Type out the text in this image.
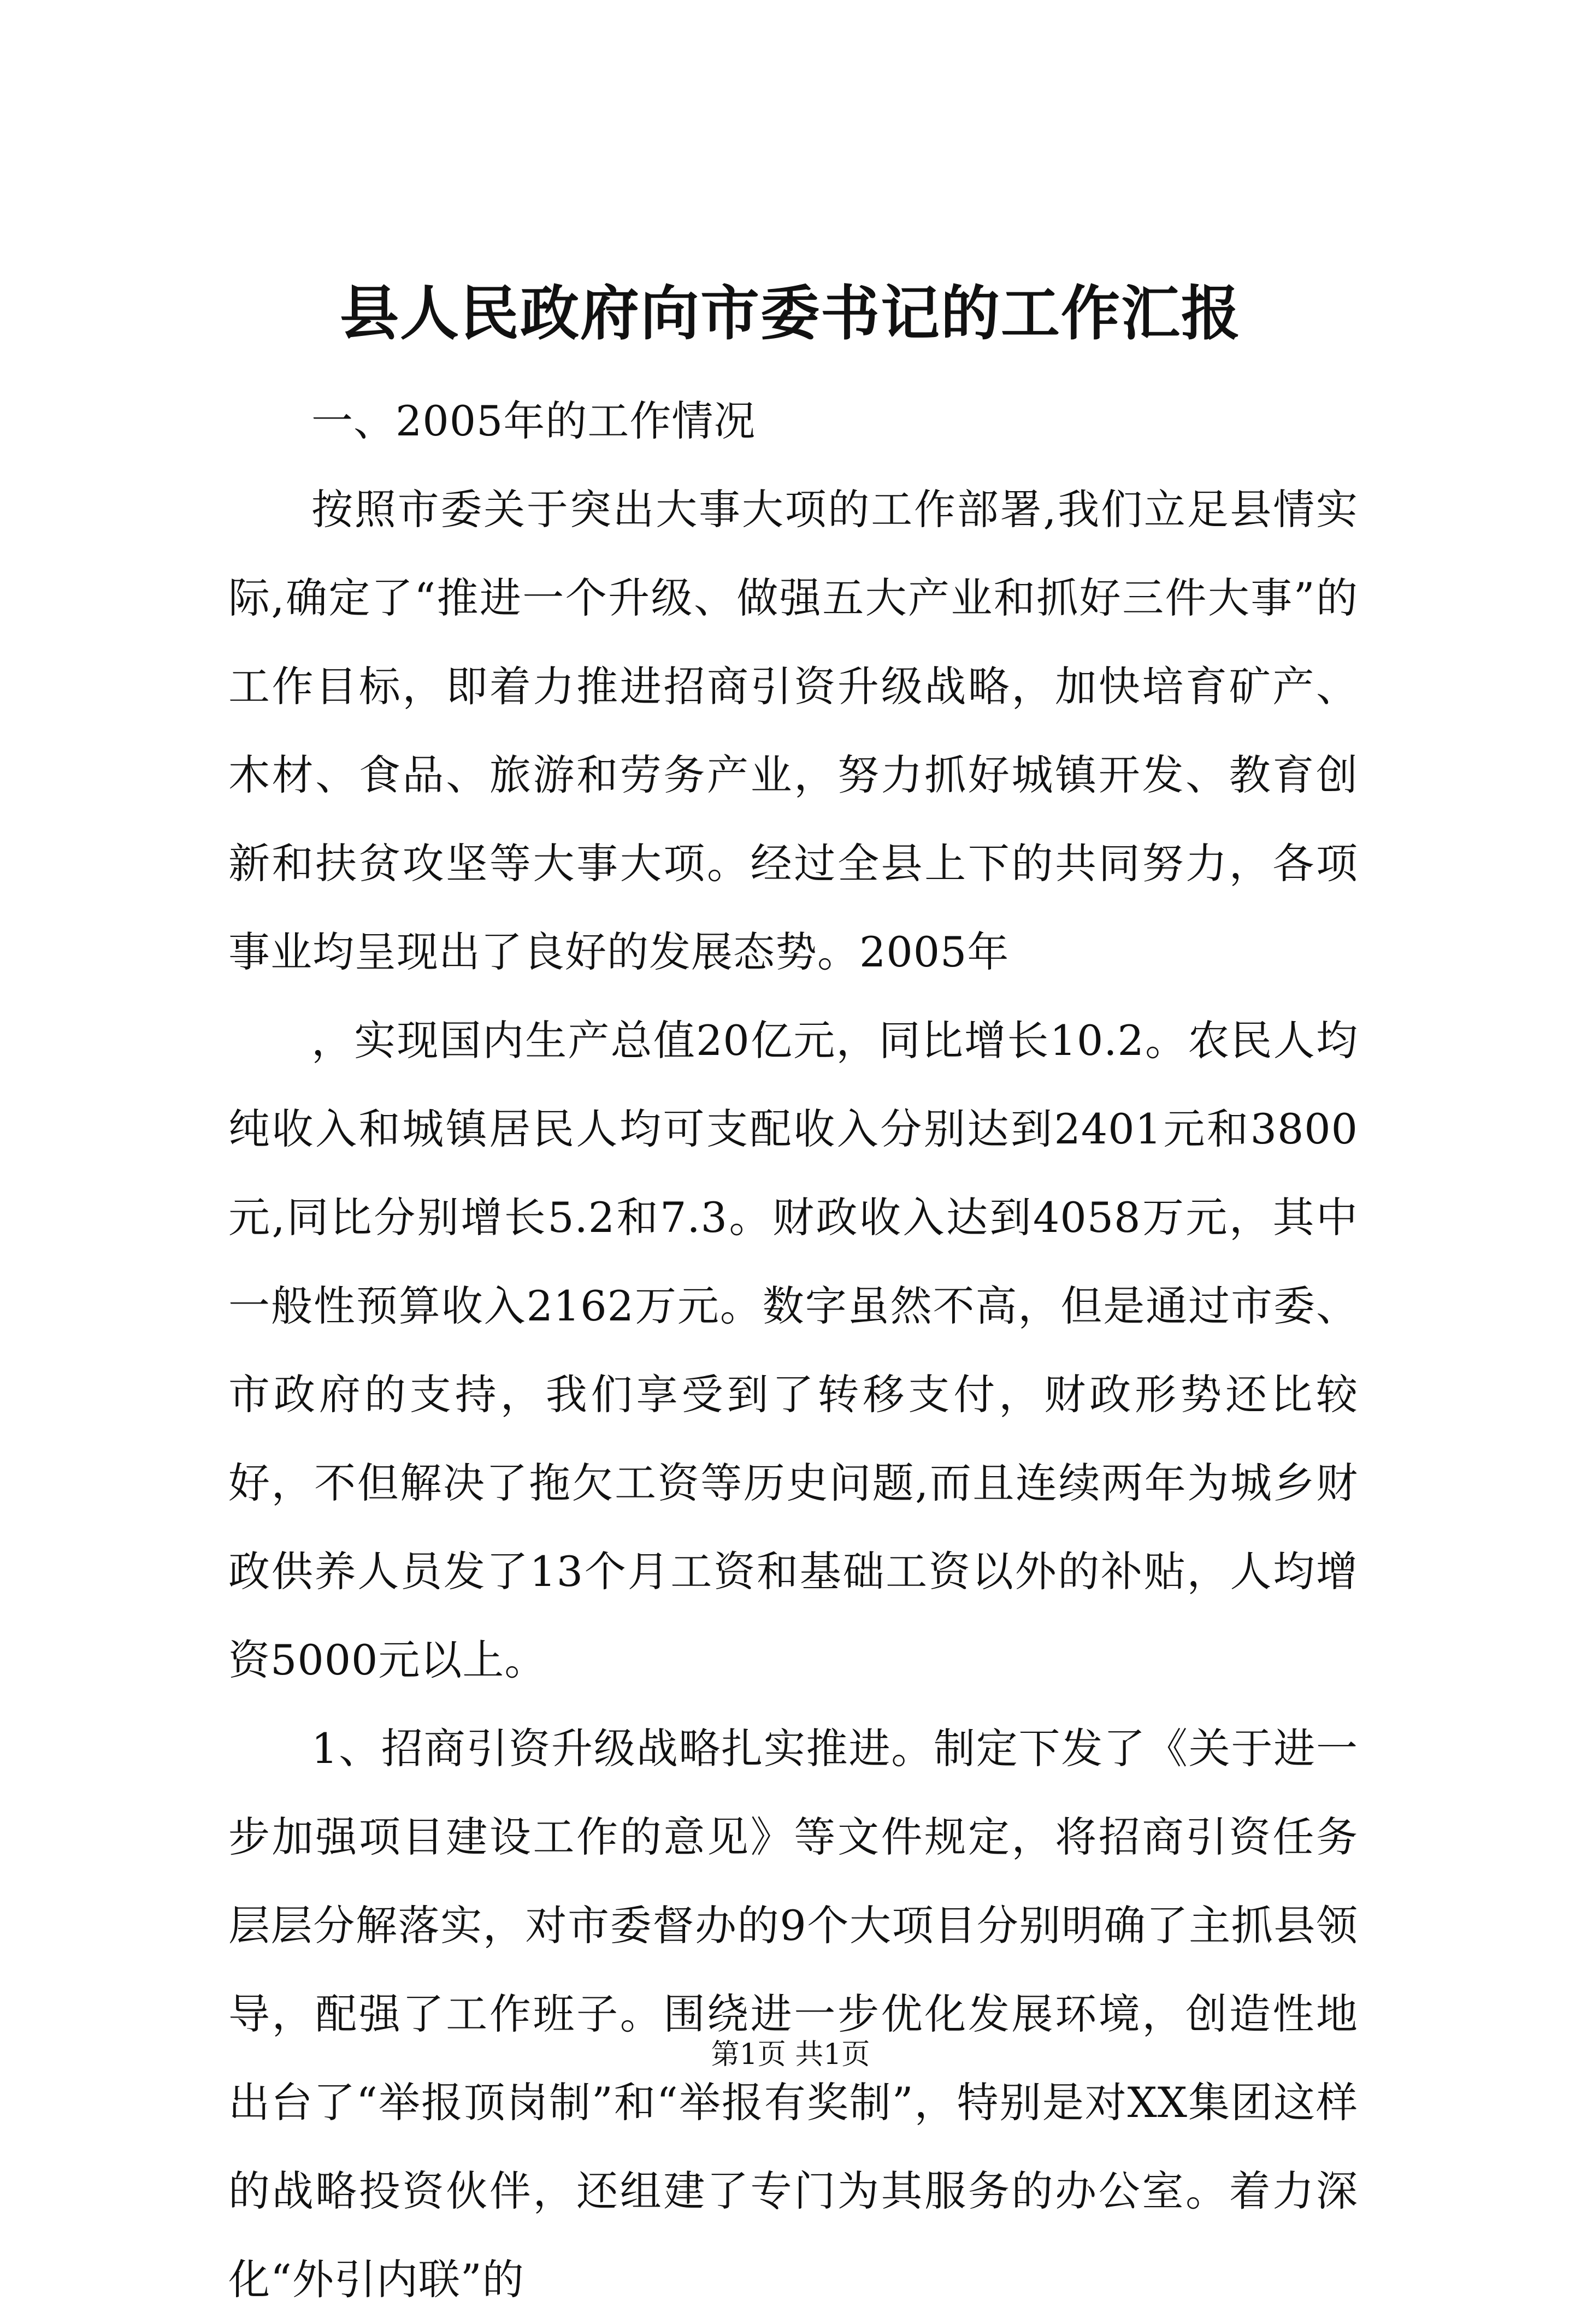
县人民政府向市委书记的工作汇报

一、2005年的工作情况

按照市委关于突出大事大项的工作部署,我们立足县情实际,确定了“推进一个升级、做强五大产业和抓好三件大事”的工作目标，即着力推进招商引资升级战略，加快培育矿产、木材、食品、旅游和劳务产业，努力抓好城镇开发、教育创新和扶贫攻坚等大事大项。经过全县上下的共同努力，各项事业均呈现出了良好的发展态势。2005年

，实现国内生产总值20亿元，同比增长10.2。农民人均纯收入和城镇居民人均可支配收入分别达到2401元和3800元,同比分别增长5.2和7.3。财政收入达到4058万元，其中一般性预算收入2162万元。数字虽然不高，但是通过市委、市政府的支持，我们享受到了转移支付，财政形势还比较好，不但解决了拖欠工资等历史问题,而且连续两年为城乡财政供养人员发了13个月工资和基础工资以外的补贴，人均增资5000元以上。

1、招商引资升级战略扎实推进。制定下发了《关于进一步加强项目建设工作的意见》等文件规定，将招商引资任务层层分解落实，对市委督办的9个大项目分别明确了主抓县领导，配强了工作班子。围绕进一步优化发展环境，创造性地出台了“举报顶岗制”和“举报有奖制”，特别是对XX集团这样的战略投资伙伴，还组建了专门为其服务的办公室。着力深化“外引内联”的

第1页 共1页
